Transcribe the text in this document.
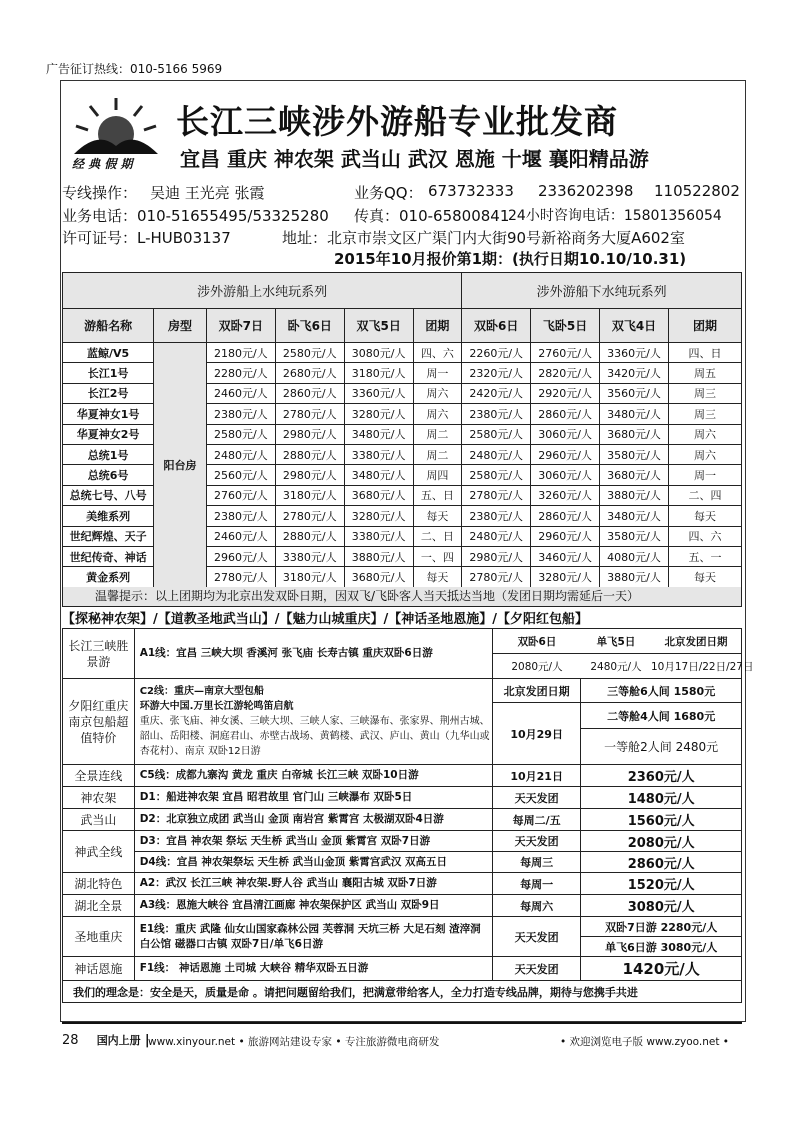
广告征订热线：010-5166 5969
经 典 假 期
长江三峡涉外游船专业批发商
宜昌 重庆 神农架 武当山 武汉 恩施 十堰 襄阳精品游
专线操作： 吴迪 王光亮 张霞	业务QQ： 673732333 2336202398 110522802
业务电话：010-51655495/53325280 传真：010-65800841
24小时咨询电话：15801356054
许可证号：L-HUB03137	地址：北京市崇文区广渠门内大街90号新裕商务大厦A602室
2015年10月报价第1期：(执行日期10.10/10.31)
涉外游船上水纯玩系列						涉外游船下水纯玩系列			
游船名称	房型	双卧7日	卧飞6日	双飞5日	团期	双卧6日	飞卧5日	双飞4日	团期
蓝鲸/V5	阳台房	2180元/人	2580元/人	3080元/人	四、六	2260元/人	2760元/人	3360元/人	四、日
长江1号		2280元/人	2680元/人	3180元/人	周一	2320元/人	2820元/人	3420元/人	周五
长江2号		2460元/人	2860元/人	3360元/人	周六	2420元/人	2920元/人	3560元/人	周三
华夏神女1号		2380元/人	2780元/人	3280元/人	周六	2380元/人	2860元/人	3480元/人	周三
华夏神女2号		2580元/人	2980元/人	3480元/人	周二	2580元/人	3060元/人	3680元/人	周六
总统1号		2480元/人	2880元/人	3380元/人	周二	2480元/人	2960元/人	3580元/人	周六
总统6号		2560元/人	2980元/人	3480元/人	周四	2580元/人	3060元/人	3680元/人	周一
总统七号、八号		2760元/人	3180元/人	3680元/人	五、日	2780元/人	3260元/人	3880元/人	二、四
美维系列		2380元/人	2780元/人	3280元/人	每天	2380元/人	2860元/人	3480元/人	每天
世纪辉煌、天子		2460元/人	2880元/人	3380元/人	二、日	2480元/人	2960元/人	3580元/人	四、六
世纪传奇、神话		2960元/人	3380元/人	3880元/人	一、四	2980元/人	3460元/人	4080元/人	五、一
黄金系列		2780元/人	3180元/人	3680元/人	每天	2780元/人	3280元/人	3880元/人	每天
温馨提示：以上团期均为北京出发双卧日期，因双飞/飞卧客人当天抵达当地（发团日期均需延后一天）
【探秘神农架】/【道教圣地武当山】/【魅力山城重庆】/【神话圣地恩施】/【夕阳红包船】
长江三峡胜景游	A1线：宜昌 三峡大坝 香溪河 张飞庙 长寿古镇 重庆双卧6日游	双卧6日 单飞5日 北京发团日期	

		2080元/人 2480元/人 10月17日/22日/27日	

夕阳红重庆南京包船超值特价	C2线：重庆—南京大型包船
环游大中国.万里长江游轮鸣笛启航
重庆、张飞庙、神女溪、三峡大坝、三峡人家、三峡瀑布、张家界、荆州古城、韶山、岳阳楼、洞庭君山、赤壁古战场、黄鹤楼、武汉、庐山、黄山（九华山或杏花村）、南京 双卧12日游	北京发团日期	三等舱6人间 1580元
		10月29日	二等舱4人间 1680元
			一等舱2人间 2480元
全景连线	C5线：成都九寨沟 黄龙 重庆 白帝城 长江三峡 双卧10日游	10月21日	2360元/人
神农架	D1：船进神农架 宜昌 昭君故里 官门山 三峡瀑布 双卧5日	天天发团	1480元/人
武当山	D2：北京独立成团 武当山 金顶 南岩宫 紫霄宫 太极湖双卧4日游	每周二/五	1560元/人
神武全线	D3：宜昌 神农架 祭坛 天生桥 武当山 金顶 紫霄宫 双卧7日游	天天发团	2080元/人
	D4线：宜昌 神农架祭坛 天生桥 武当山金顶 紫霄宫武汉 双高五日	每周三	2860元/人
湖北特色	A2：武汉 长江三峡 神农架.野人谷 武当山 襄阳古城 双卧7日游	每周一	1520元/人
湖北全景	A3线：恩施大峡谷 宜昌清江画廊 神农架保护区 武当山 双卧9日	每周六	3080元/人
圣地重庆	E1线：重庆 武隆 仙女山国家森林公园 芙蓉洞 天坑三桥 大足石刻 渣滓洞 白公馆 磁器口古镇 双卧7日/单飞6日游	天天发团	双卧7日游 2280元/人
			单飞6日游 3080元/人
神话恩施	F1线： 神话恩施 土司城 大峡谷 精华双卧五日游	天天发团	1420元/人
我们的理念是：安全是天，质量是命 。请把问题留给我们，把满意带给客人，全力打造专线品牌，期待与您携手共进			
28 国内上册 |
www.xinyour.net • 旅游网站建设专家 • 专注旅游微电商研发	• 欢迎浏览电子版 www.zyoo.net •
